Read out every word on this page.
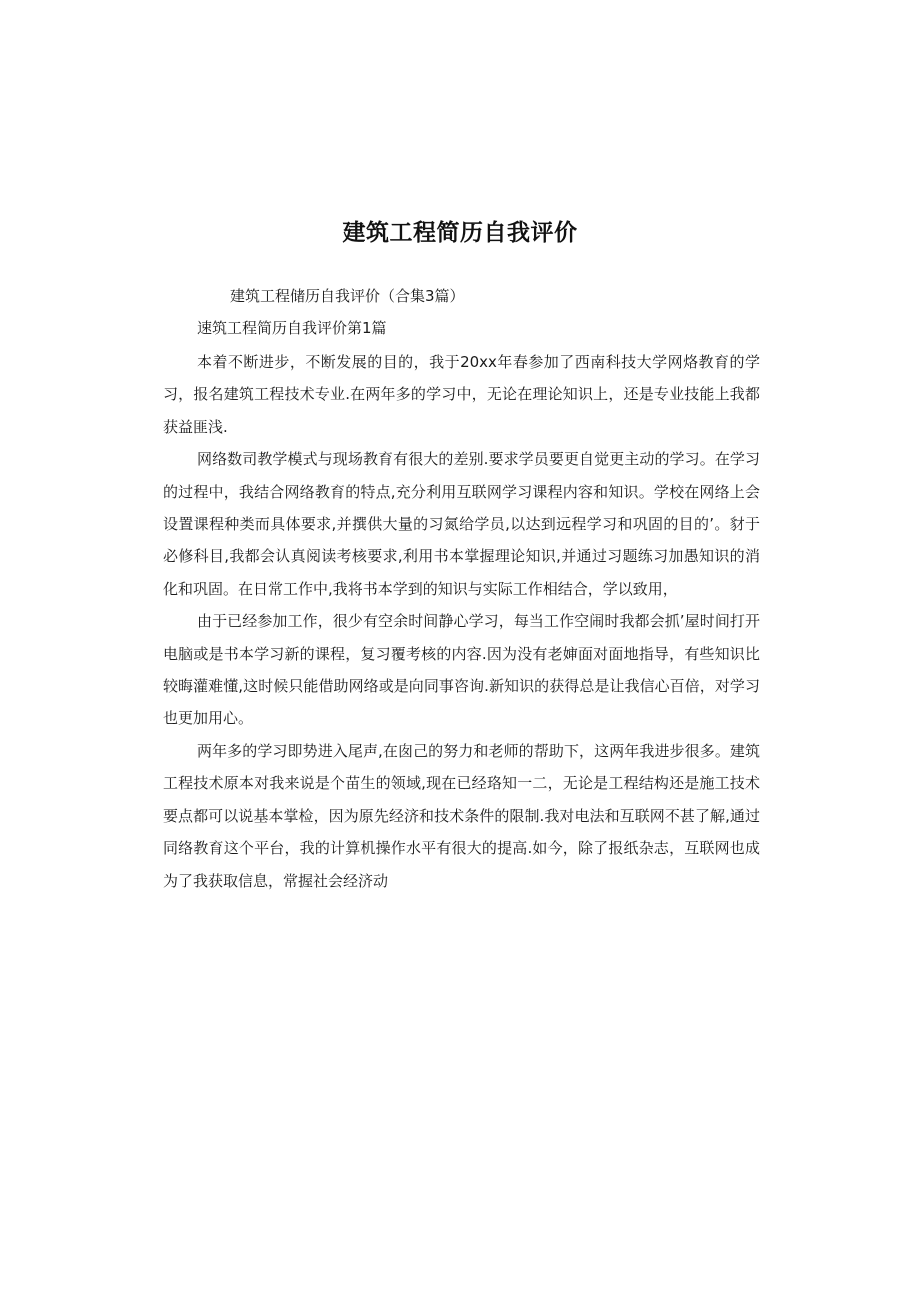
建筑工程简历自我评价

建筑工程储历自我评价（合集3篇）

速筑工程简历自我评价第1篇

本着不断进步，不断发展的目的，我于20xx年春参加了西南科技大学网烙教育的学习，报名建筑工程技术专业.在两年多的学习中，无论在理论知识上，还是专业技能上我都获益匪浅.

网络数司教学模式与现场教育有很大的差别.要求学员要更自觉更主动的学习。在学习的过程中，我结合网络教育的特点,充分利用互联网学习课程内容和知识。学校在网络上会设置课程种类而具体要求,并撰供大量的习氮给学员,以达到远程学习和巩固的目的’。豺于必修科目,我都会认真阅读考核要求,利用书本掌握理论知识,并通过习题练习加愚知识的消化和巩固。在日常工作中,我将书本学到的知识与实际工作相结合，学以致用，

由于已经参加工作，很少有空余时间静心学习，每当工作空闹时我都会抓’屋时间打开电脑或是书本学习新的课程，复习覆考核的内容.因为没有老婶面对面地指导，有些知识比较晦灌难懂,这时候只能借助网络或是向同事咨询.新知识的获得总是让我信心百倍，对学习也更加用心。

两年多的学习即势进入尾声,在囱己的努力和老师的帮助下，这两年我进步很多。建筑工程技术原本对我来说是个苗生的领域,现在已经珞知一二，无论是工程结构还是施工技术要点都可以说基本掌检，因为原先经济和技术条件的限制.我对电法和互联网不甚了解,通过同络教育这个平台，我的计算机操作水平有很大的提高.如今，除了报纸杂志，互联网也成为了我获取信息，常握社会经济动
